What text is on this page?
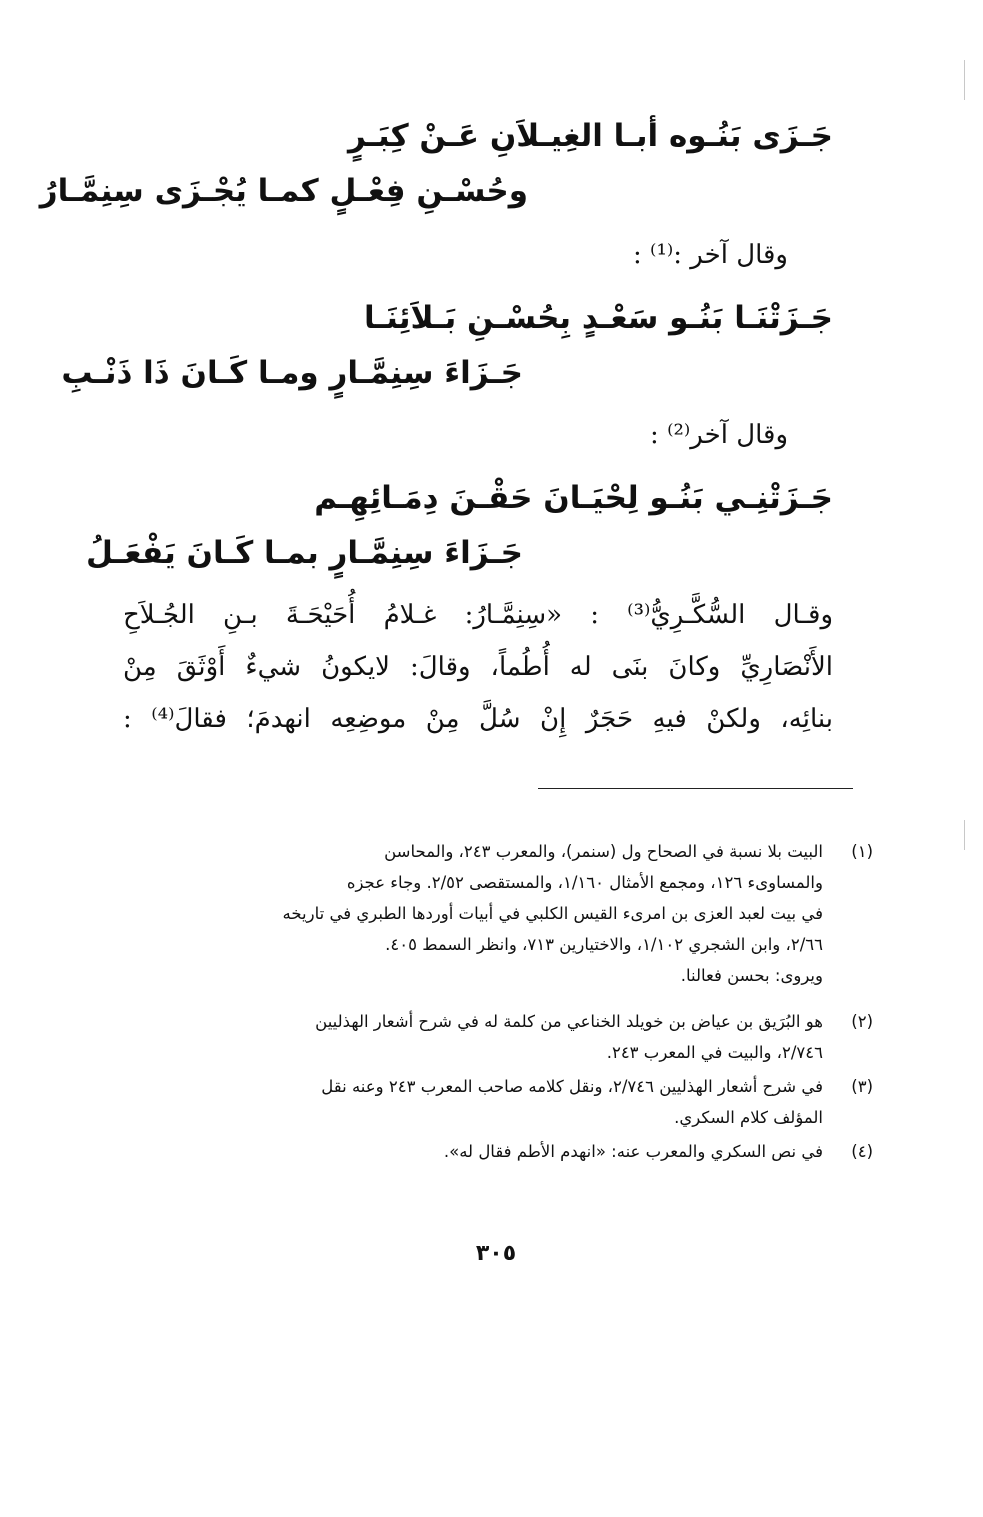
جَـزَى بَنُـوه أبـا الغِيـلاَنِ عَـنْ كِبَـرٍ
وحُسْـنِ فِعْـلٍ كمـا يُجْـزَى سِنِمَّـارُ
وقال آخر :⁽¹⁾ :
جَـزَتْنَـا بَنُـو سَعْـدٍ بِحُسْـنِ بَـلاَئِنَـا
جَـزَاءَ سِنِمَّـارٍ ومـا كَـانَ ذَا ذَنْـبِ
وقال آخر⁽²⁾ :
جَـزَتْنِـي بَنُـو لِحْيَـانَ حَقْـنَ دِمَـائِهِـم
جَـزَاءَ سِنِمَّـارٍ بمـا كَـانَ يَفْعَـلُ
وقـال السُّكَّـرِيُّ⁽³⁾ : «سِنِمَّـارُ: غـلامُ أُحَيْحَـةَ بـنِ الجُـلاَحِ
الأَنْصَارِيِّ وكانَ بنَى له أُطُماً، وقالَ: لايكونُ شيءٌ أَوْثَقَ مِنْ
بنائِه، ولكنْ فيهِ حَجَرٌ إِنْ سُلَّ مِنْ موضِعِه انهدمَ؛ فقالَ⁽⁴⁾ :
(١)
البيت بلا نسبة في الصحاح ول (سنمر)، والمعرب ٢٤٣، والمحاسن
والمساوىء ١٢٦، ومجمع الأمثال ١/١٦٠، والمستقصى ٢/٥٢. وجاء عجزه
في بيت لعبد العزى بن امرىء القيس الكلبي في أبيات أوردها الطبري في تاريخه
٢/٦٦، وابن الشجري ١/١٠٢، والاختيارين ٧١٣، وانظر السمط ٤٠٥.
ويروى: بحسن فعالنا.
(٢)
هو البُرَيق بن عياض بن خويلد الخناعي من كلمة له في شرح أشعار الهذليين
٢/٧٤٦، والبيت في المعرب ٢٤٣.
(٣)
في شرح أشعار الهذليين ٢/٧٤٦، ونقل كلامه صاحب المعرب ٢٤٣ وعنه نقل
المؤلف كلام السكري.
(٤)
في نص السكري والمعرب عنه: «انهدم الأطم فقال له».
٣٠٥
